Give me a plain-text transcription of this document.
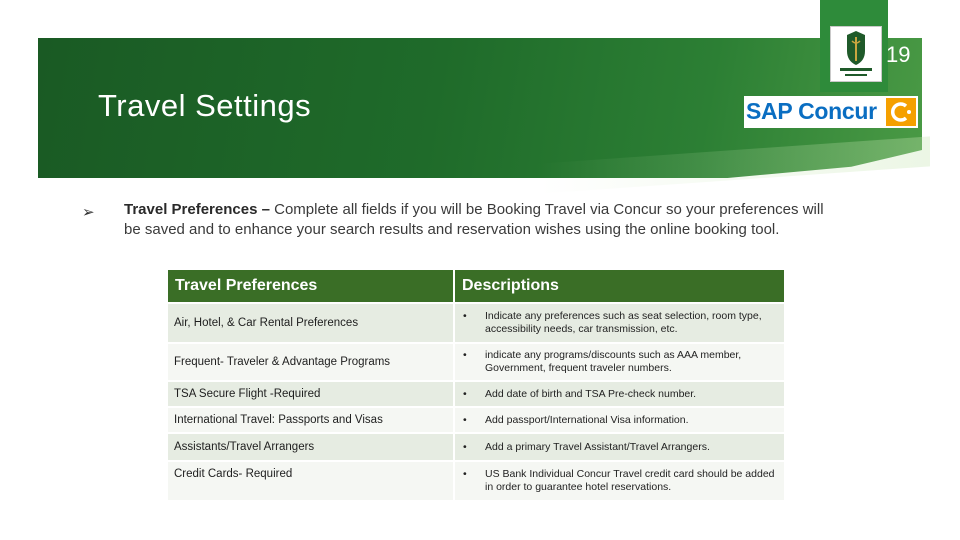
19
Travel Settings	SAP Concur
➢ Travel Preferences – Complete all fields if you will be Booking Travel via Concur so your preferences will be saved and to enhance your search results and reservation wishes using the online booking tool.
Travel Preferences	Descriptions
Air, Hotel, & Car Rental Preferences	• Indicate any preferences such as seat selection, room type, accessibility needs, car transmission, etc.

Frequent- Traveler & Advantage Programs	• indicate any programs/discounts such as AAA member, Government, frequent traveler numbers.

TSA Secure Flight -Required	• Add date of birth and TSA Pre-check number.

International Travel: Passports and Visas	• Add passport/International Visa information.

Assistants/Travel Arrangers	• Add a primary Travel Assistant/Travel Arrangers.

Credit Cards- Required	• US Bank Individual Concur Travel credit card should be added in order to guarantee hotel reservations.
